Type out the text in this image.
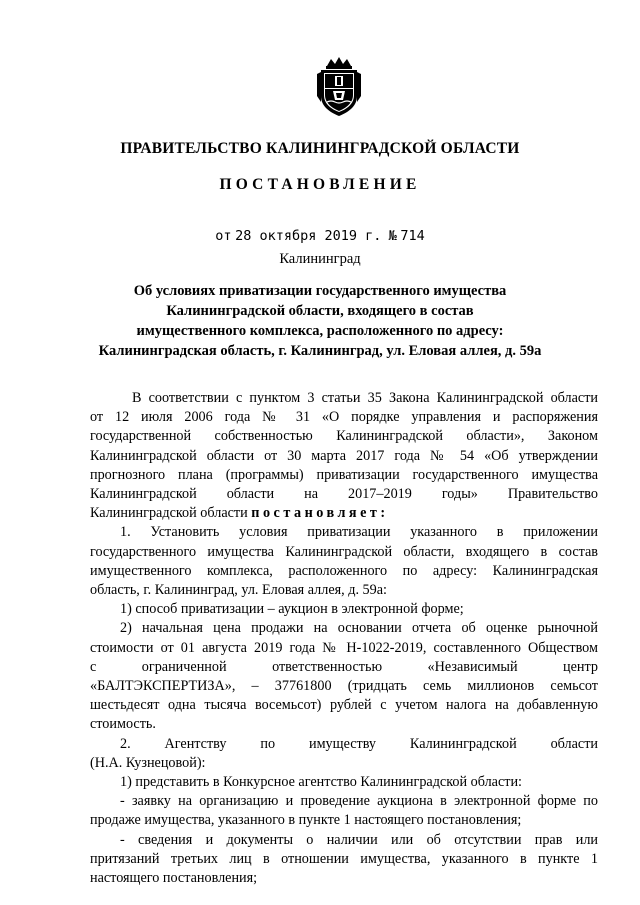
ПРАВИТЕЛЬСТВО КАЛИНИНГРАДСКОЙ ОБЛАСТИ
ПОСТАНОВЛЕНИЕ
от 28 октября 2019 г. № 714
Калининград
Об условиях приватизации государственного имущества
Калининградской области, входящего в состав
имущественного комплекса, расположенного по адресу:
Калининградская область, г. Калининград, ул. Еловая аллея, д. 59а
В соответствии с пунктом 3 статьи 35 Закона Калининградской области
от 12 июля 2006 года № 31 «О порядке управления и распоряжения
государственной собственностью Калининградской области», Законом
Калининградской области от 30 марта 2017 года № 54 «Об утверждении
прогнозного плана (программы) приватизации государственного имущества
Калининградской области на 2017–2019 годы» Правительство
Калининградской области постановляет:
1. Установить условия приватизации указанного в приложении
государственного имущества Калининградской области, входящего в состав
имущественного комплекса, расположенного по адресу: Калининградская
область, г. Калининград, ул. Еловая аллея, д. 59а:
1) способ приватизации – аукцион в электронной форме;
2) начальная цена продажи на основании отчета об оценке рыночной
стоимости от 01 августа 2019 года № Н-1022-2019, составленного Обществом
с ограниченной ответственностью «Независимый центр
«БАЛТЭКСПЕРТИЗА», – 37761800 (тридцать семь миллионов семьсот
шестьдесят одна тысяча восемьсот) рублей с учетом налога на добавленную
стоимость.
2. Агентству по имуществу Калининградской области
(Н.А. Кузнецовой):
1) представить в Конкурсное агентство Калининградской области:
- заявку на организацию и проведение аукциона в электронной форме по
продаже имущества, указанного в пункте 1 настоящего постановления;
- сведения и документы о наличии или об отсутствии прав или
притязаний третьих лиц в отношении имущества, указанного в пункте 1
настоящего постановления;
